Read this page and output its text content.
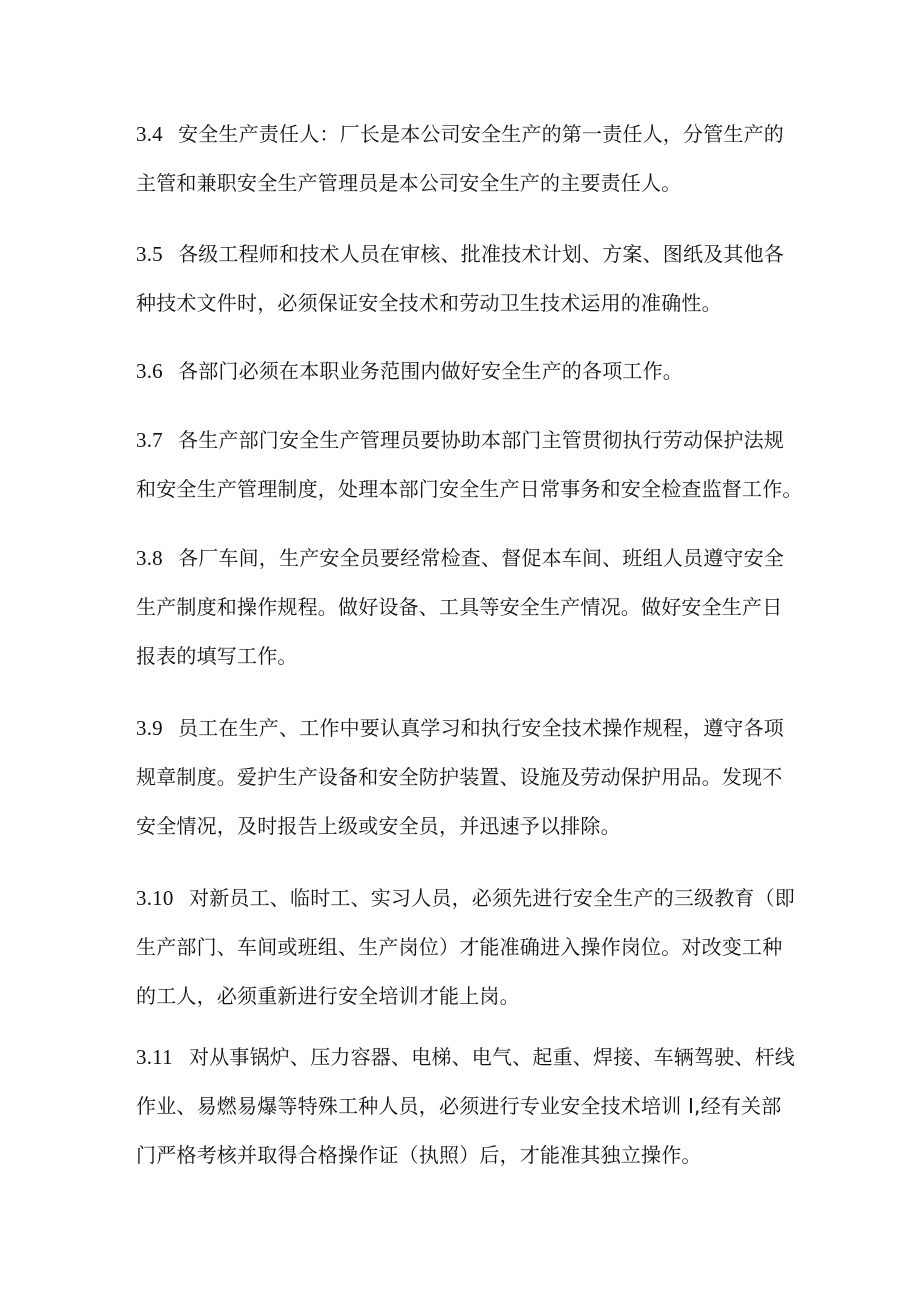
3.4 安全生产责任人：厂长是本公司安全生产的第一责任人，分管生产的
主管和兼职安全生产管理员是本公司安全生产的主要责任人。
3.5 各级工程师和技术人员在审核、批准技术计划、方案、图纸及其他各
种技术文件时，必须保证安全技术和劳动卫生技术运用的准确性。
3.6 各部门必须在本职业务范围内做好安全生产的各项工作。
3.7 各生产部门安全生产管理员要协助本部门主管贯彻执行劳动保护法规
和安全生产管理制度，处理本部门安全生产日常事务和安全检查监督工作。
3.8 各厂车间，生产安全员要经常检查、督促本车间、班组人员遵守安全
生产制度和操作规程。做好设备、工具等安全生产情况。做好安全生产日
报表的填写工作。
3.9 员工在生产、工作中要认真学习和执行安全技术操作规程，遵守各项
规章制度。爱护生产设备和安全防护装置、设施及劳动保护用品。发现不
安全情况，及时报告上级或安全员，并迅速予以排除。
3.10 对新员工、临时工、实习人员，必须先进行安全生产的三级教育（即
生产部门、车间或班组、生产岗位）才能准确进入操作岗位。对改变工种
的工人，必须重新进行安全培训才能上岗。
3.11 对从事锅炉、压力容器、电梯、电气、起重、焊接、车辆驾驶、杆线
作业、易燃易爆等特殊工种人员，必须进行专业安全技术培训 I,经有关部
门严格考核并取得合格操作证（执照）后，才能准其独立操作。
